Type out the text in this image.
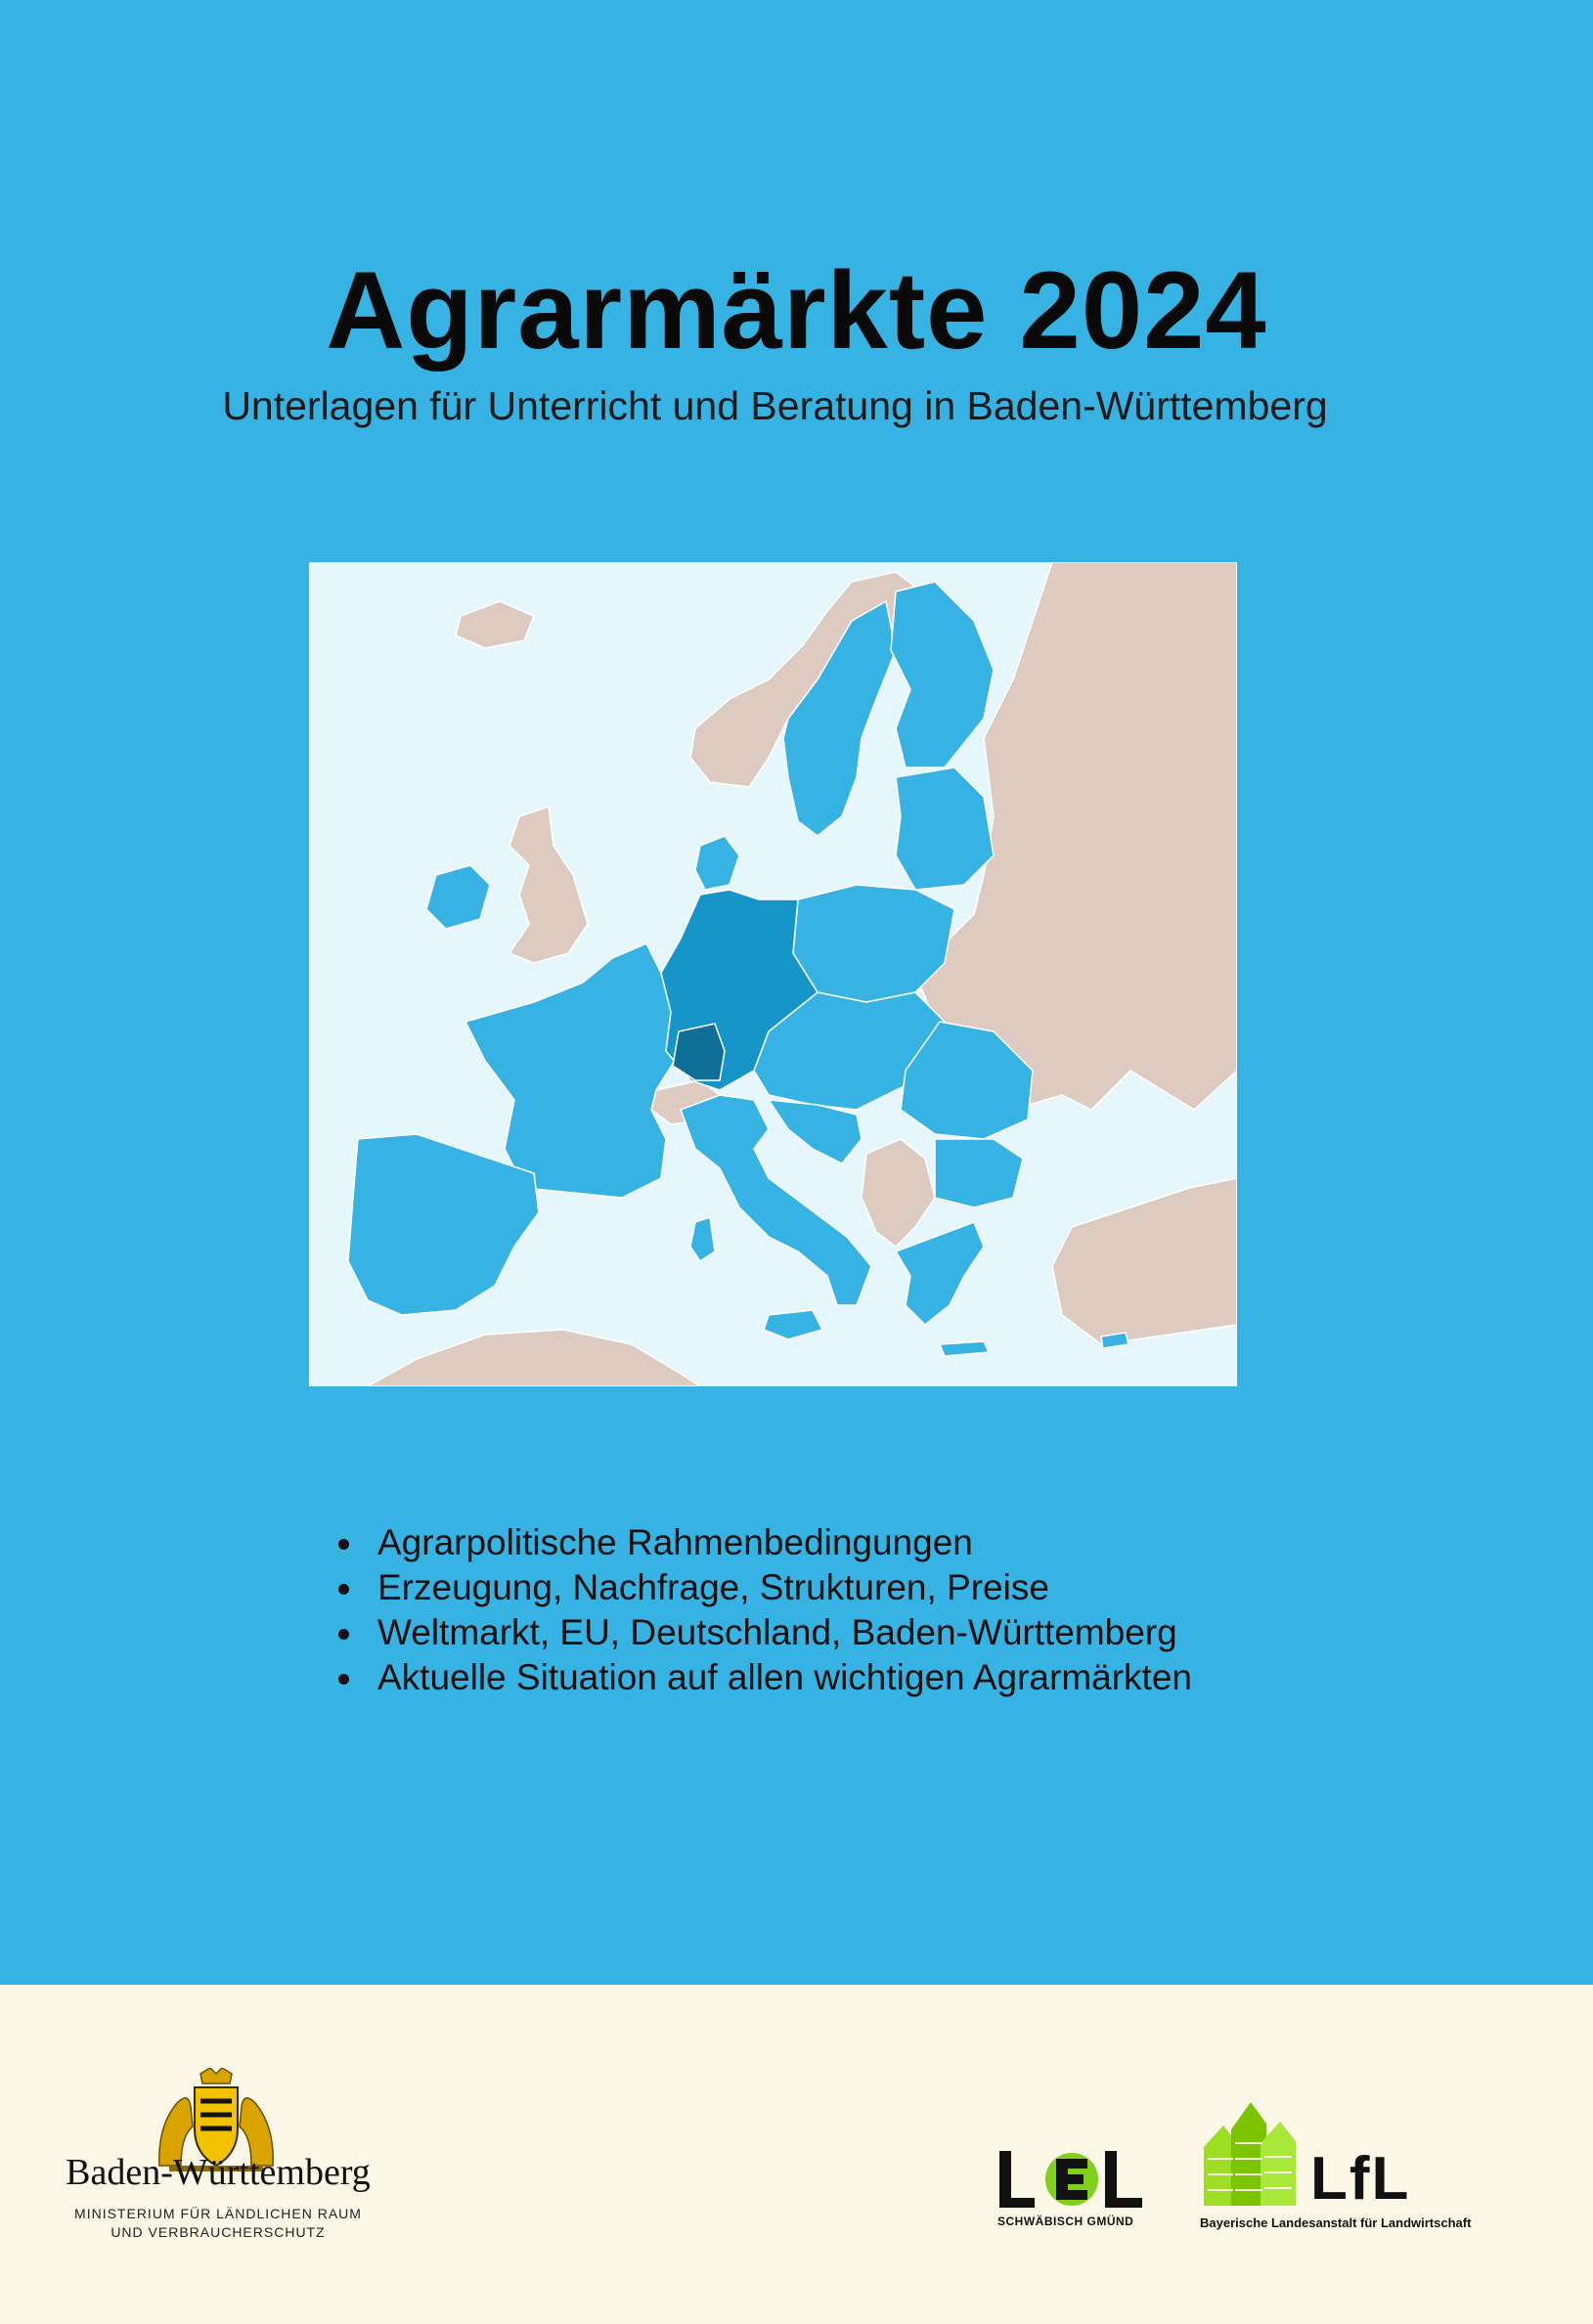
Agrarmärkte 2024

Unterlagen für Unterricht und Beratung in Baden-Württemberg

Agrarpolitische Rahmenbedingungen
Erzeugung, Nachfrage, Strukturen, Preise
Weltmarkt, EU, Deutschland, Baden-Württemberg
Aktuelle Situation auf allen wichtigen Agrarmärkten
Baden-Württemberg
MINISTERIUM FÜR LÄNDLICHEN RAUM
UND VERBRAUCHERSCHUTZ
SCHWÄBISCH GMÜND
LfL
Bayerische Landesanstalt für Landwirtschaft
